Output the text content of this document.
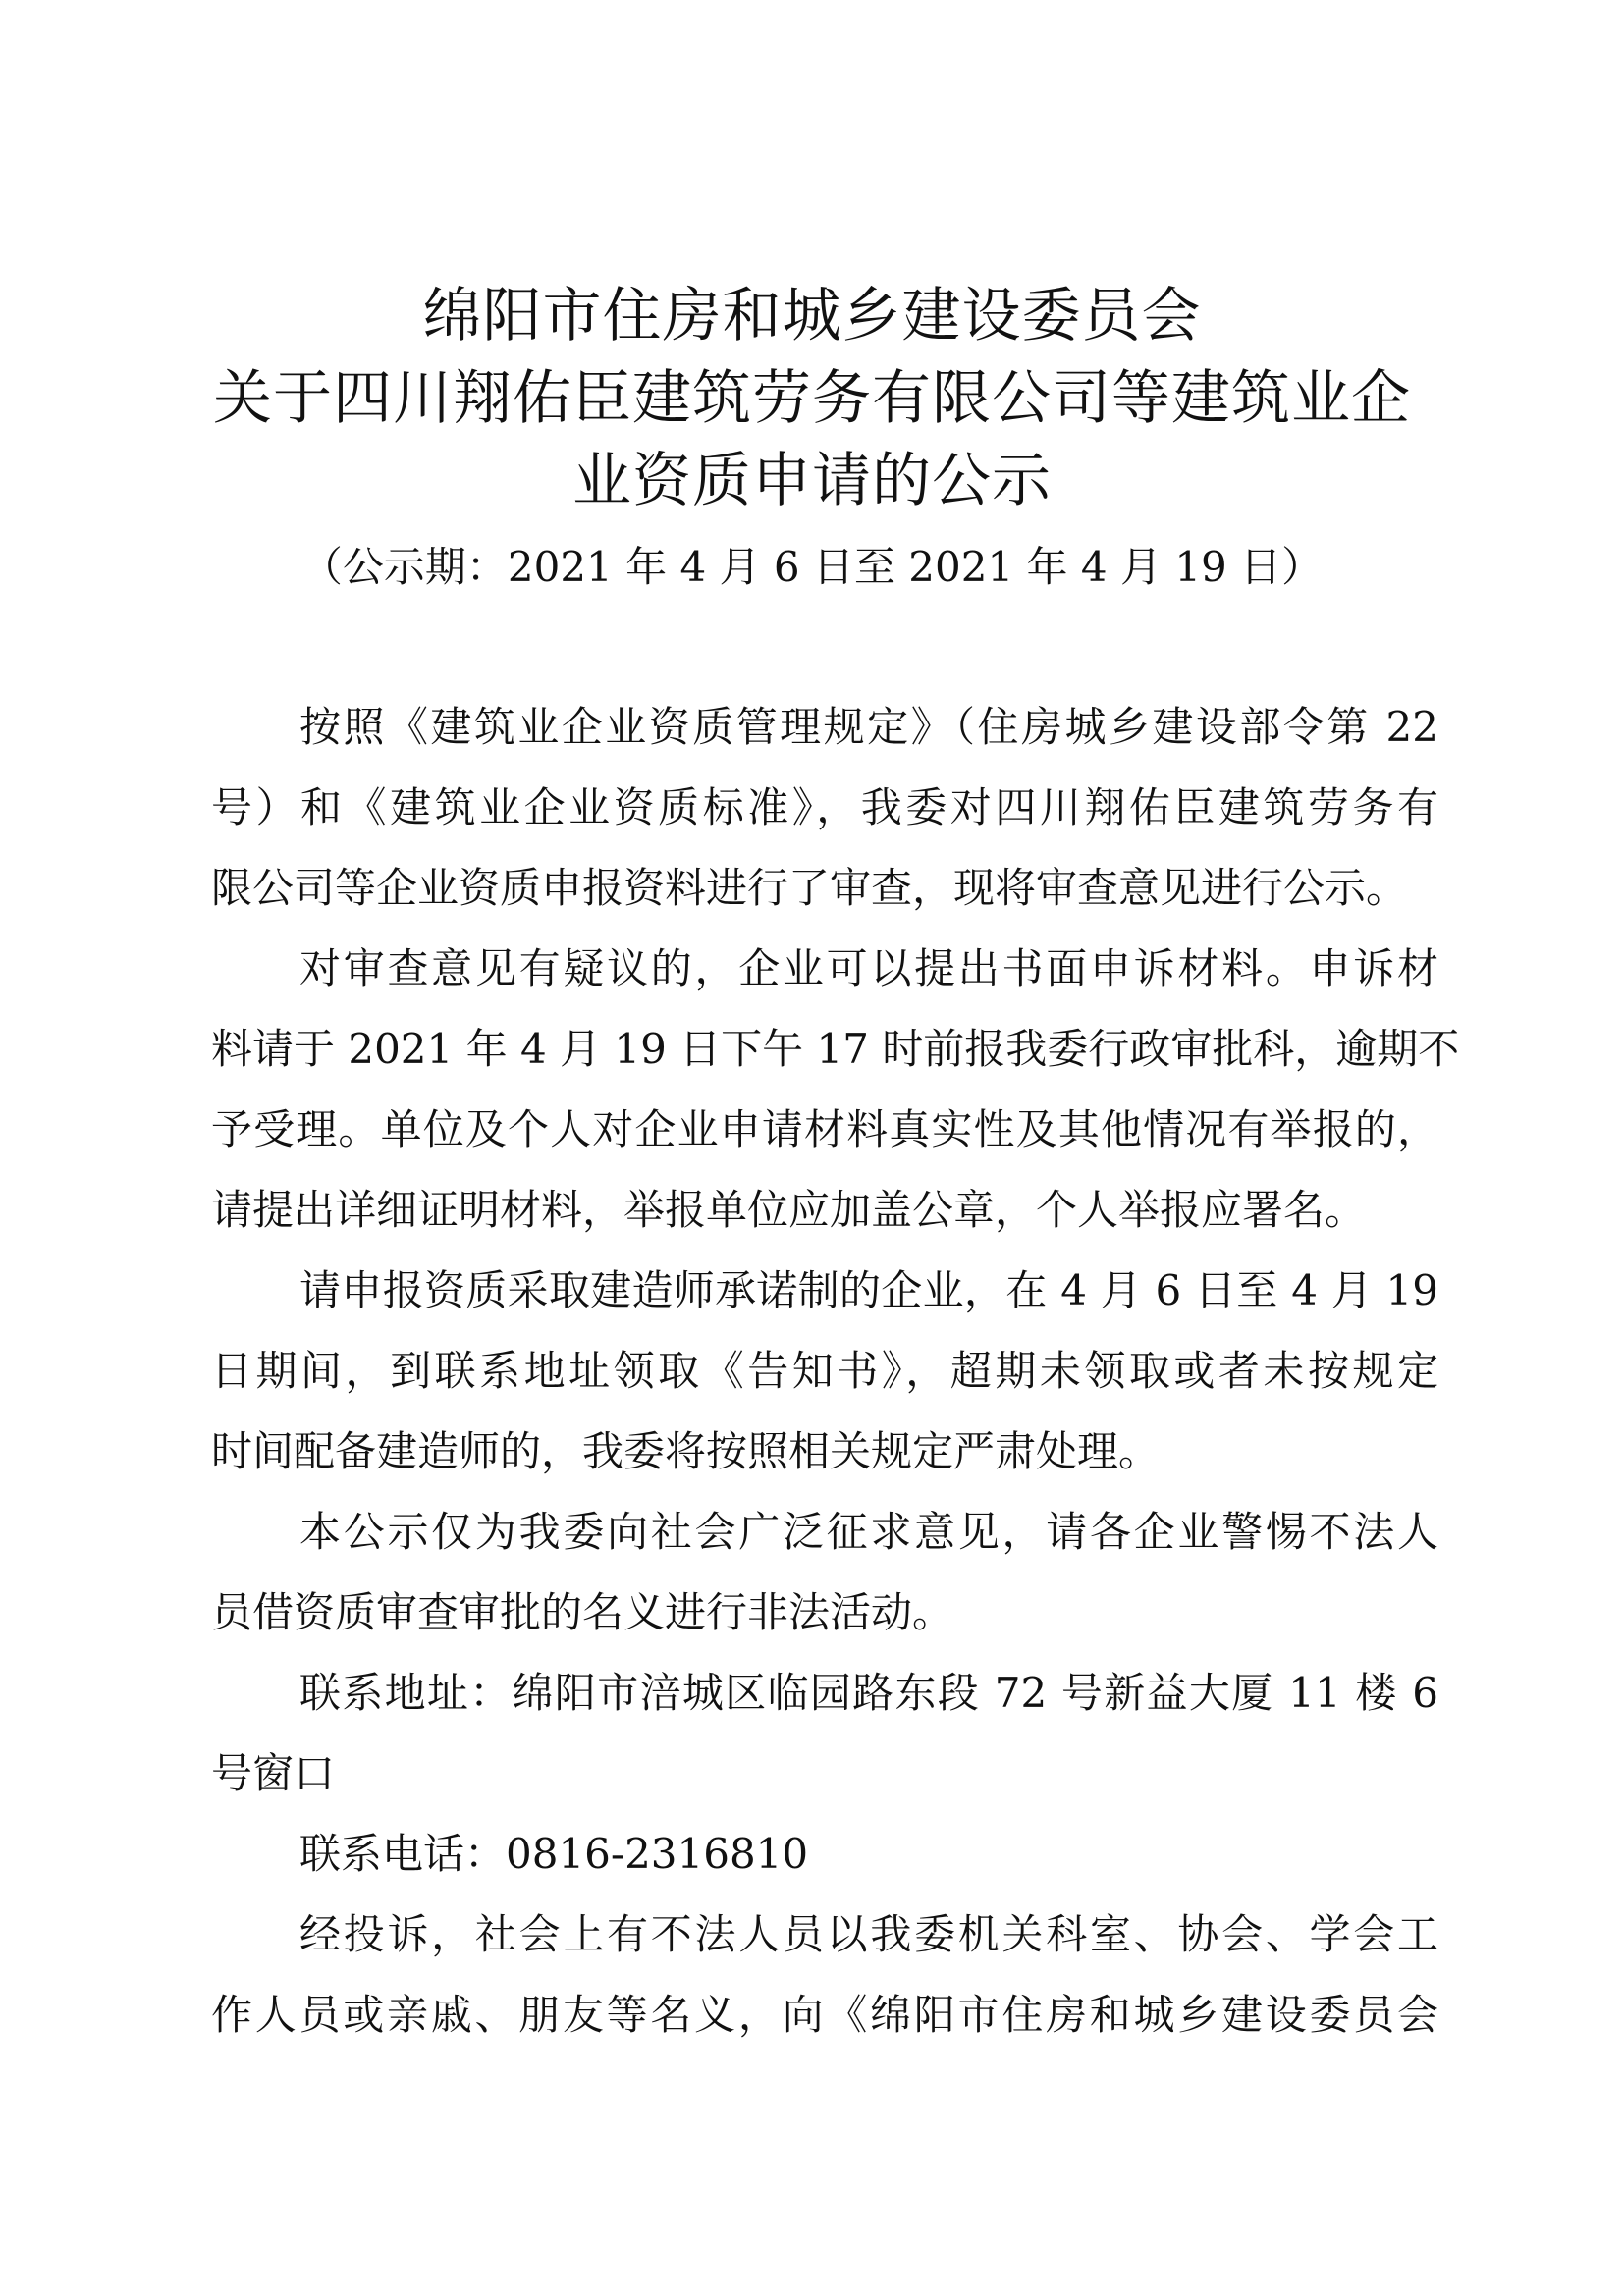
绵阳市住房和城乡建设委员会
关于四川翔佑臣建筑劳务有限公司等建筑业企
业资质申请的公示
（公示期：2021 年 4 月 6 日至 2021 年 4 月 19 日）
按照《建筑业企业资质管理规定》（住房城乡建设部令第 22
号）和《建筑业企业资质标准》，我委对四川翔佑臣建筑劳务有
限公司等企业资质申报资料进行了审查，现将审查意见进行公示。
对审查意见有疑议的，企业可以提出书面申诉材料。申诉材
料请于 2021 年 4 月 19 日下午 17 时前报我委行政审批科，逾期不
予受理。单位及个人对企业申请材料真实性及其他情况有举报的，
请提出详细证明材料，举报单位应加盖公章，个人举报应署名。
请申报资质采取建造师承诺制的企业，在 4 月 6 日至 4 月 19
日期间，到联系地址领取《告知书》，超期未领取或者未按规定
时间配备建造师的，我委将按照相关规定严肃处理。
本公示仅为我委向社会广泛征求意见，请各企业警惕不法人
员借资质审查审批的名义进行非法活动。
联系地址：绵阳市涪城区临园路东段 72 号新益大厦 11 楼 6
号窗口
联系电话：0816-2316810
经投诉，社会上有不法人员以我委机关科室、协会、学会工
作人员或亲戚、朋友等名义，向《绵阳市住房和城乡建设委员会
